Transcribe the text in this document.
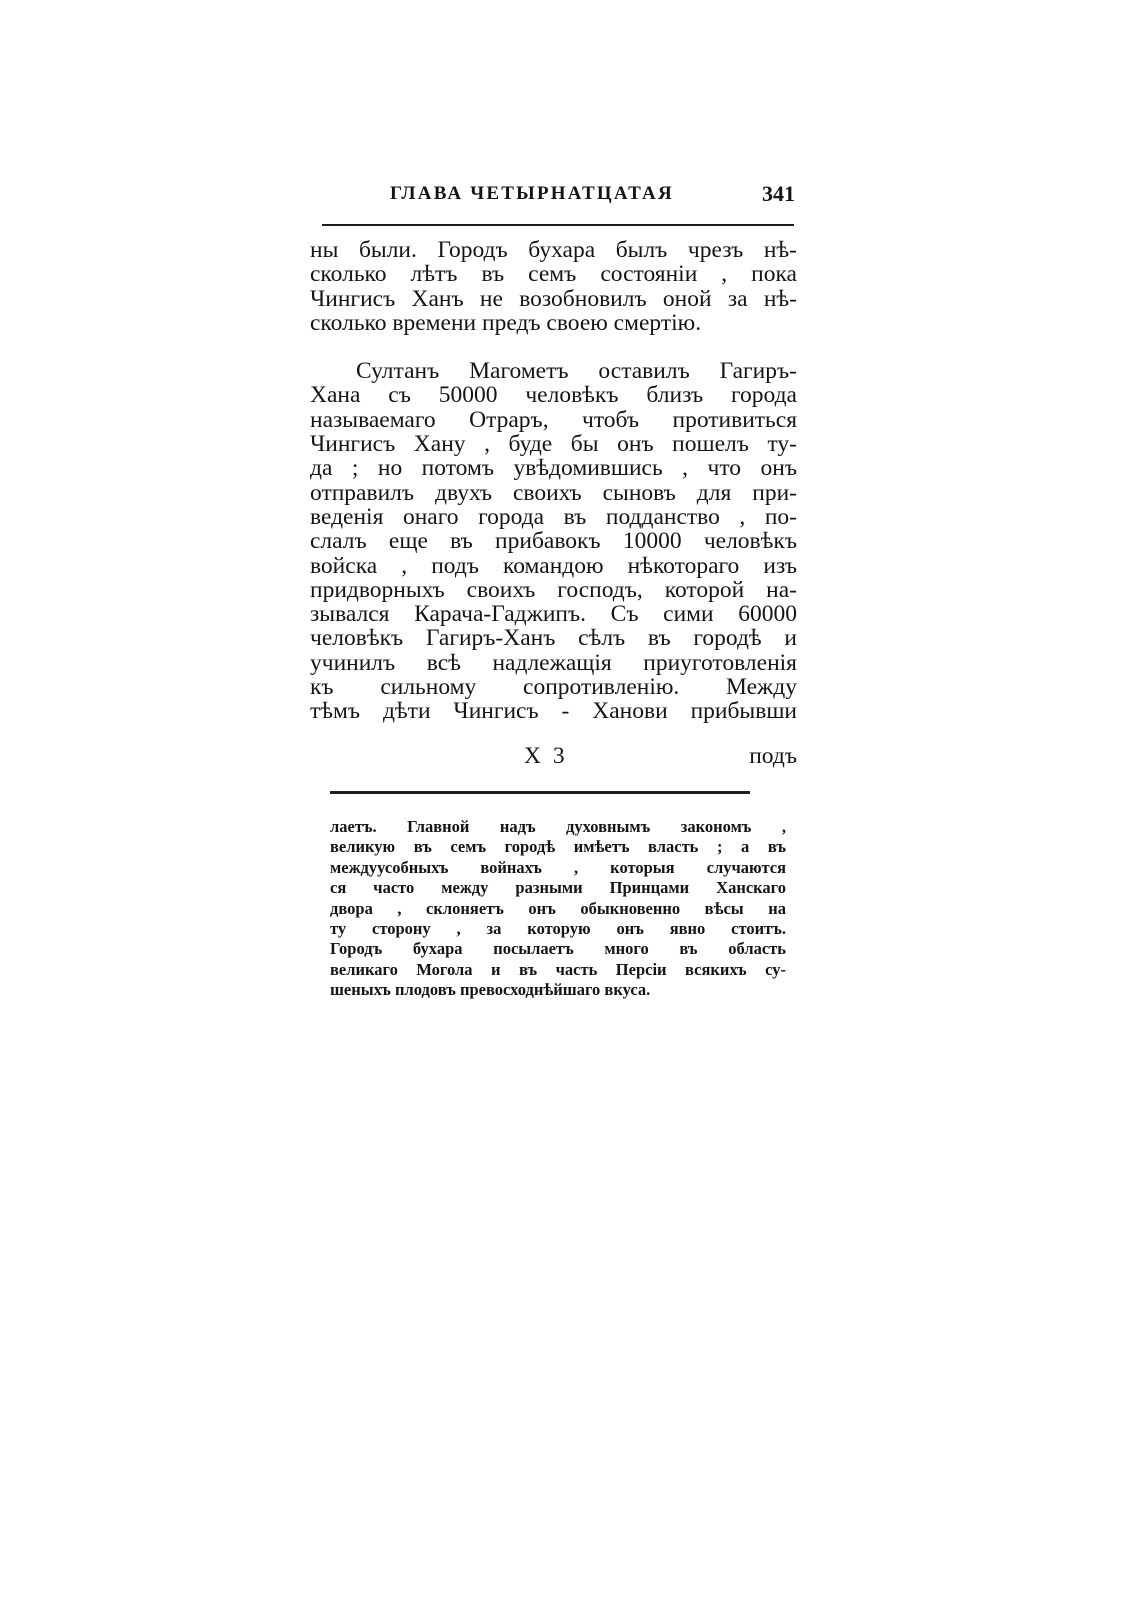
ГЛАВА ЧЕТЫРНАТЦАТАЯ	341
ны были. Городъ бухара былъ чрезъ нѣ-
сколько лѣтъ въ семъ состояніи , пока
Чингисъ Ханъ не возобновилъ оной за нѣ-
сколько времени предъ своею смертію.
Султанъ Магометъ оставилъ Гагиръ-
Хана съ 50000 человѣкъ близъ города
называемаго Отраръ, чтобъ противиться
Чингисъ Хану , буде бы онъ пошелъ ту-
да ; но потомъ увѣдомившись , что онъ
отправилъ двухъ своихъ сыновъ для при-
веденія онаго города въ подданство , по-
слалъ еще въ прибавокъ 10000 человѣкъ
войска , подъ командою нѣкотораго изъ
придворныхъ своихъ господъ, которой на-
зывался Карача-Гаджипъ. Съ сими 60000
человѣкъ Гагиръ-Ханъ сѣлъ въ городѣ и
учинилъ всѣ надлежащія приуготовленія
къ сильному сопротивленію. Между
тѣмъ дѣти Чингисъ - Ханови прибывши
X 3	подъ
лаетъ. Главной надъ духовнымъ закономъ ,
великую въ семъ городѣ имѣетъ власть ; а въ
междуусобныхъ войнахъ , которыя случаются
ся часто между разными Принцами Ханскаго
двора , склоняетъ онъ обыкновенно вѣсы на
ту сторону , за которую онъ явно стоитъ.
Городъ бухара посылаетъ много въ область
великаго Могола и въ часть Персіи всякихъ су-
шеныхъ плодовъ превосходнѣйшаго вкуса.
